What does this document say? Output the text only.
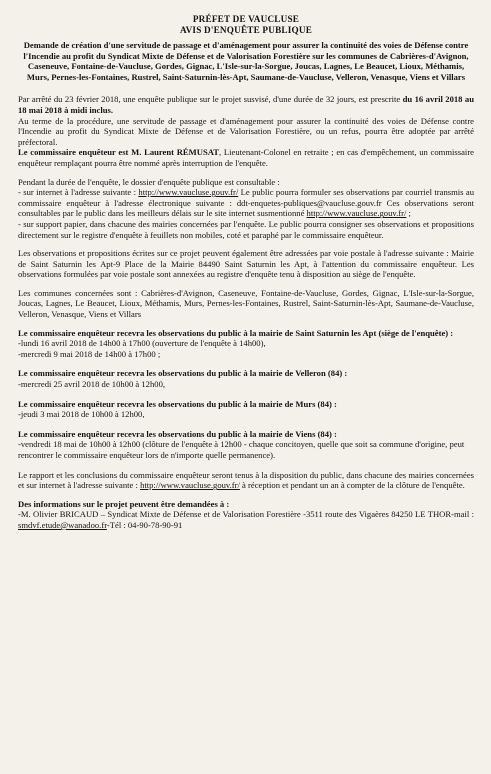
PRÉFET DE VAUCLUSE
AVIS D'ENQUÊTE PUBLIQUE
Demande de création d'une servitude de passage et d'aménagement pour assurer la continuité des voies de Défense contre l'Incendie au profit du Syndicat Mixte de Défense et de Valorisation Forestière sur les communes de Cabrières-d'Avignon, Caseneuve, Fontaine-de-Vaucluse, Gordes, Gignac, L'Isle-sur-la-Sorgue, Joucas, Lagnes, Le Beaucet, Lioux, Méthamis, Murs, Pernes-les-Fontaines, Rustrel, Saint-Saturnin-lès-Apt, Saumane-de-Vaucluse, Velleron, Venasque, Viens et Villars

Par arrêté du 23 février 2018, une enquête publique sur le projet susvisé, d'une durée de 32 jours, est prescrite du 16 avril 2018 au 18 mai 2018 à midi inclus.
Au terme de la procédure, une servitude de passage et d'aménagement pour assurer la continuité des voies de Défense contre l'Incendie au profit du Syndicat Mixte de Défense et de Valorisation Forestière, ou un refus, pourra être adoptée par arrêté préfectoral.
Le commissaire enquêteur est M. Laurent RÉMUSAT, Lieutenant-Colonel en retraite ; en cas d'empêchement, un commissaire enquêteur remplaçant pourra être nommé après interruption de l'enquête.

Pendant la durée de l'enquête, le dossier d'enquête publique est consultable :
- sur internet à l'adresse suivante : http://www.vaucluse.gouv.fr/ Le public pourra formuler ses observations par courriel transmis au commissaire enquêteur à l'adresse électronique suivante : ddt-enquetes-publiques@vaucluse.gouv.fr Ces observations seront consultables par le public dans les meilleurs délais sur le site internet susmentionné http://www.vaucluse.gouv.fr/ ;
- sur support papier, dans chacune des mairies concernées par l'enquête. Le public pourra consigner ses observations et propositions directement sur le registre d'enquête à feuillets non mobiles, coté et paraphé par le commissaire enquêteur.

Les observations et propositions écrites sur ce projet peuvent également être adressées par voie postale à l'adresse suivante : Mairie de Saint Saturnin les Apt-9 Place de la Mairie 84490 Saint Saturnin les Apt, à l'attention du commissaire enquêteur. Les observations formulées par voie postale sont annexées au registre d'enquête tenu à disposition au siège de l'enquête.

Les communes concernées sont : Cabrières-d'Avignon, Caseneuve, Fontaine-de-Vaucluse, Gordes, Gignac, L'Isle-sur-la-Sorgue, Joucas, Lagnes, Le Beaucet, Lioux, Méthamis, Murs, Pernes-les-Fontaines, Rustrel, Saint-Saturnin-lès-Apt, Saumane-de-Vaucluse, Velleron, Venasque, Viens et Villars

Le commissaire enquêteur recevra les observations du public à la mairie de Saint Saturnin les Apt (siège de l'enquête) :
-lundi 16 avril 2018 de 14h00 à 17h00 (ouverture de l'enquête à 14h00),
-mercredi 9 mai 2018 de 14h00 à 17h00 ;
Le commissaire enquêteur recevra les observations du public à la mairie de Velleron (84) :
-mercredi 25 avril 2018 de 10h00 à 12h00,
Le commissaire enquêteur recevra les observations du public à la mairie de Murs (84) :
-jeudi 3 mai 2018 de 10h00 à 12h00,
Le commissaire enquêteur recevra les observations du public à la mairie de Viens (84) :
-vendredi 18 mai de 10h00 à 12h00 (clôture de l'enquête à 12h00 - chaque concitoyen, quelle que soit sa commune d'origine, peut rencontrer le commissaire enquêteur lors de n'importe quelle permanence).

Le rapport et les conclusions du commissaire enquêteur seront tenus à la disposition du public, dans chacune des mairies concernées et sur internet à l'adresse suivante : http://www.vaucluse.gouv.fr/ à réception et pendant un an à compter de la clôture de l'enquête.

Des informations sur le projet peuvent être demandées à :
-M. Olivier BRICAUD – Syndicat Mixte de Défense et de Valorisation Forestière -3511 route des Vigaères 84250 LE THOR-mail : smdvf.etude@wanadoo.fr-Tél : 04-90-78-90-91
